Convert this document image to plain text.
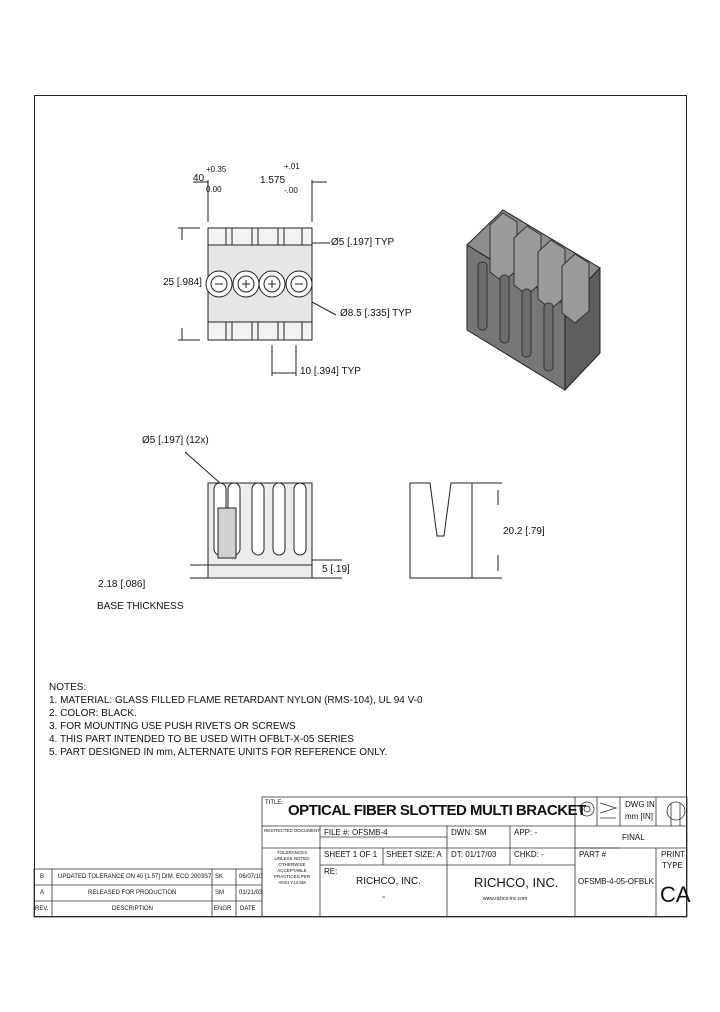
40
+0.35
0.00
1.575
+.01
-.00
25 [.984]
Ø5 [.197] TYP
Ø8.5 [.335] TYP
10 [.394] TYP
Ø5 [.197] (12x)
20.2 [.79]
2.18 [.086]
BASE THICKNESS
5 [.19]
NOTES:
1. MATERIAL: GLASS FILLED FLAME RETARDANT NYLON (RMS-104), UL 94 V-0
2. COLOR: BLACK.
3. FOR MOUNTING USE PUSH RIVETS OR SCREWS
4. THIS PART INTENDED TO BE USED WITH OFBLT-X-05 SERIES
5. PART DESIGNED IN mm, ALTERNATE UNITS FOR REFERENCE ONLY.
TITLE: OPTICAL FIBER SLOTTED MULTI BRACKET	DWG IN
mm [IN]
RESTRICTED DOCUMENT FILE #: OFSMB-4	DWN: SM	APP: -
FINAL
SHEET 1 OF 1 SHEET SIZE: A DT: 01/17/03 CHKD: -	PART #
OFSMB-4-05-OFBLK
PRINT
TYPE
CA
RE:
RICHCO, INC.
-
RICHCO, INC.
www.richco-inc.com
TOLERANCES
UNLESS NOTED
OTHERWISE
ACCEPTABLE
PRACTICES PER
ANSI Y14.5M
B UPDATED TOLERANCE ON 40 [1.57] DIM. ECO 2003S7 SK	06/07/10
A	RELEASED FOR PRODUCTION	SM	01/21/03
REV.	DESCRIPTION	ENGR DATE
